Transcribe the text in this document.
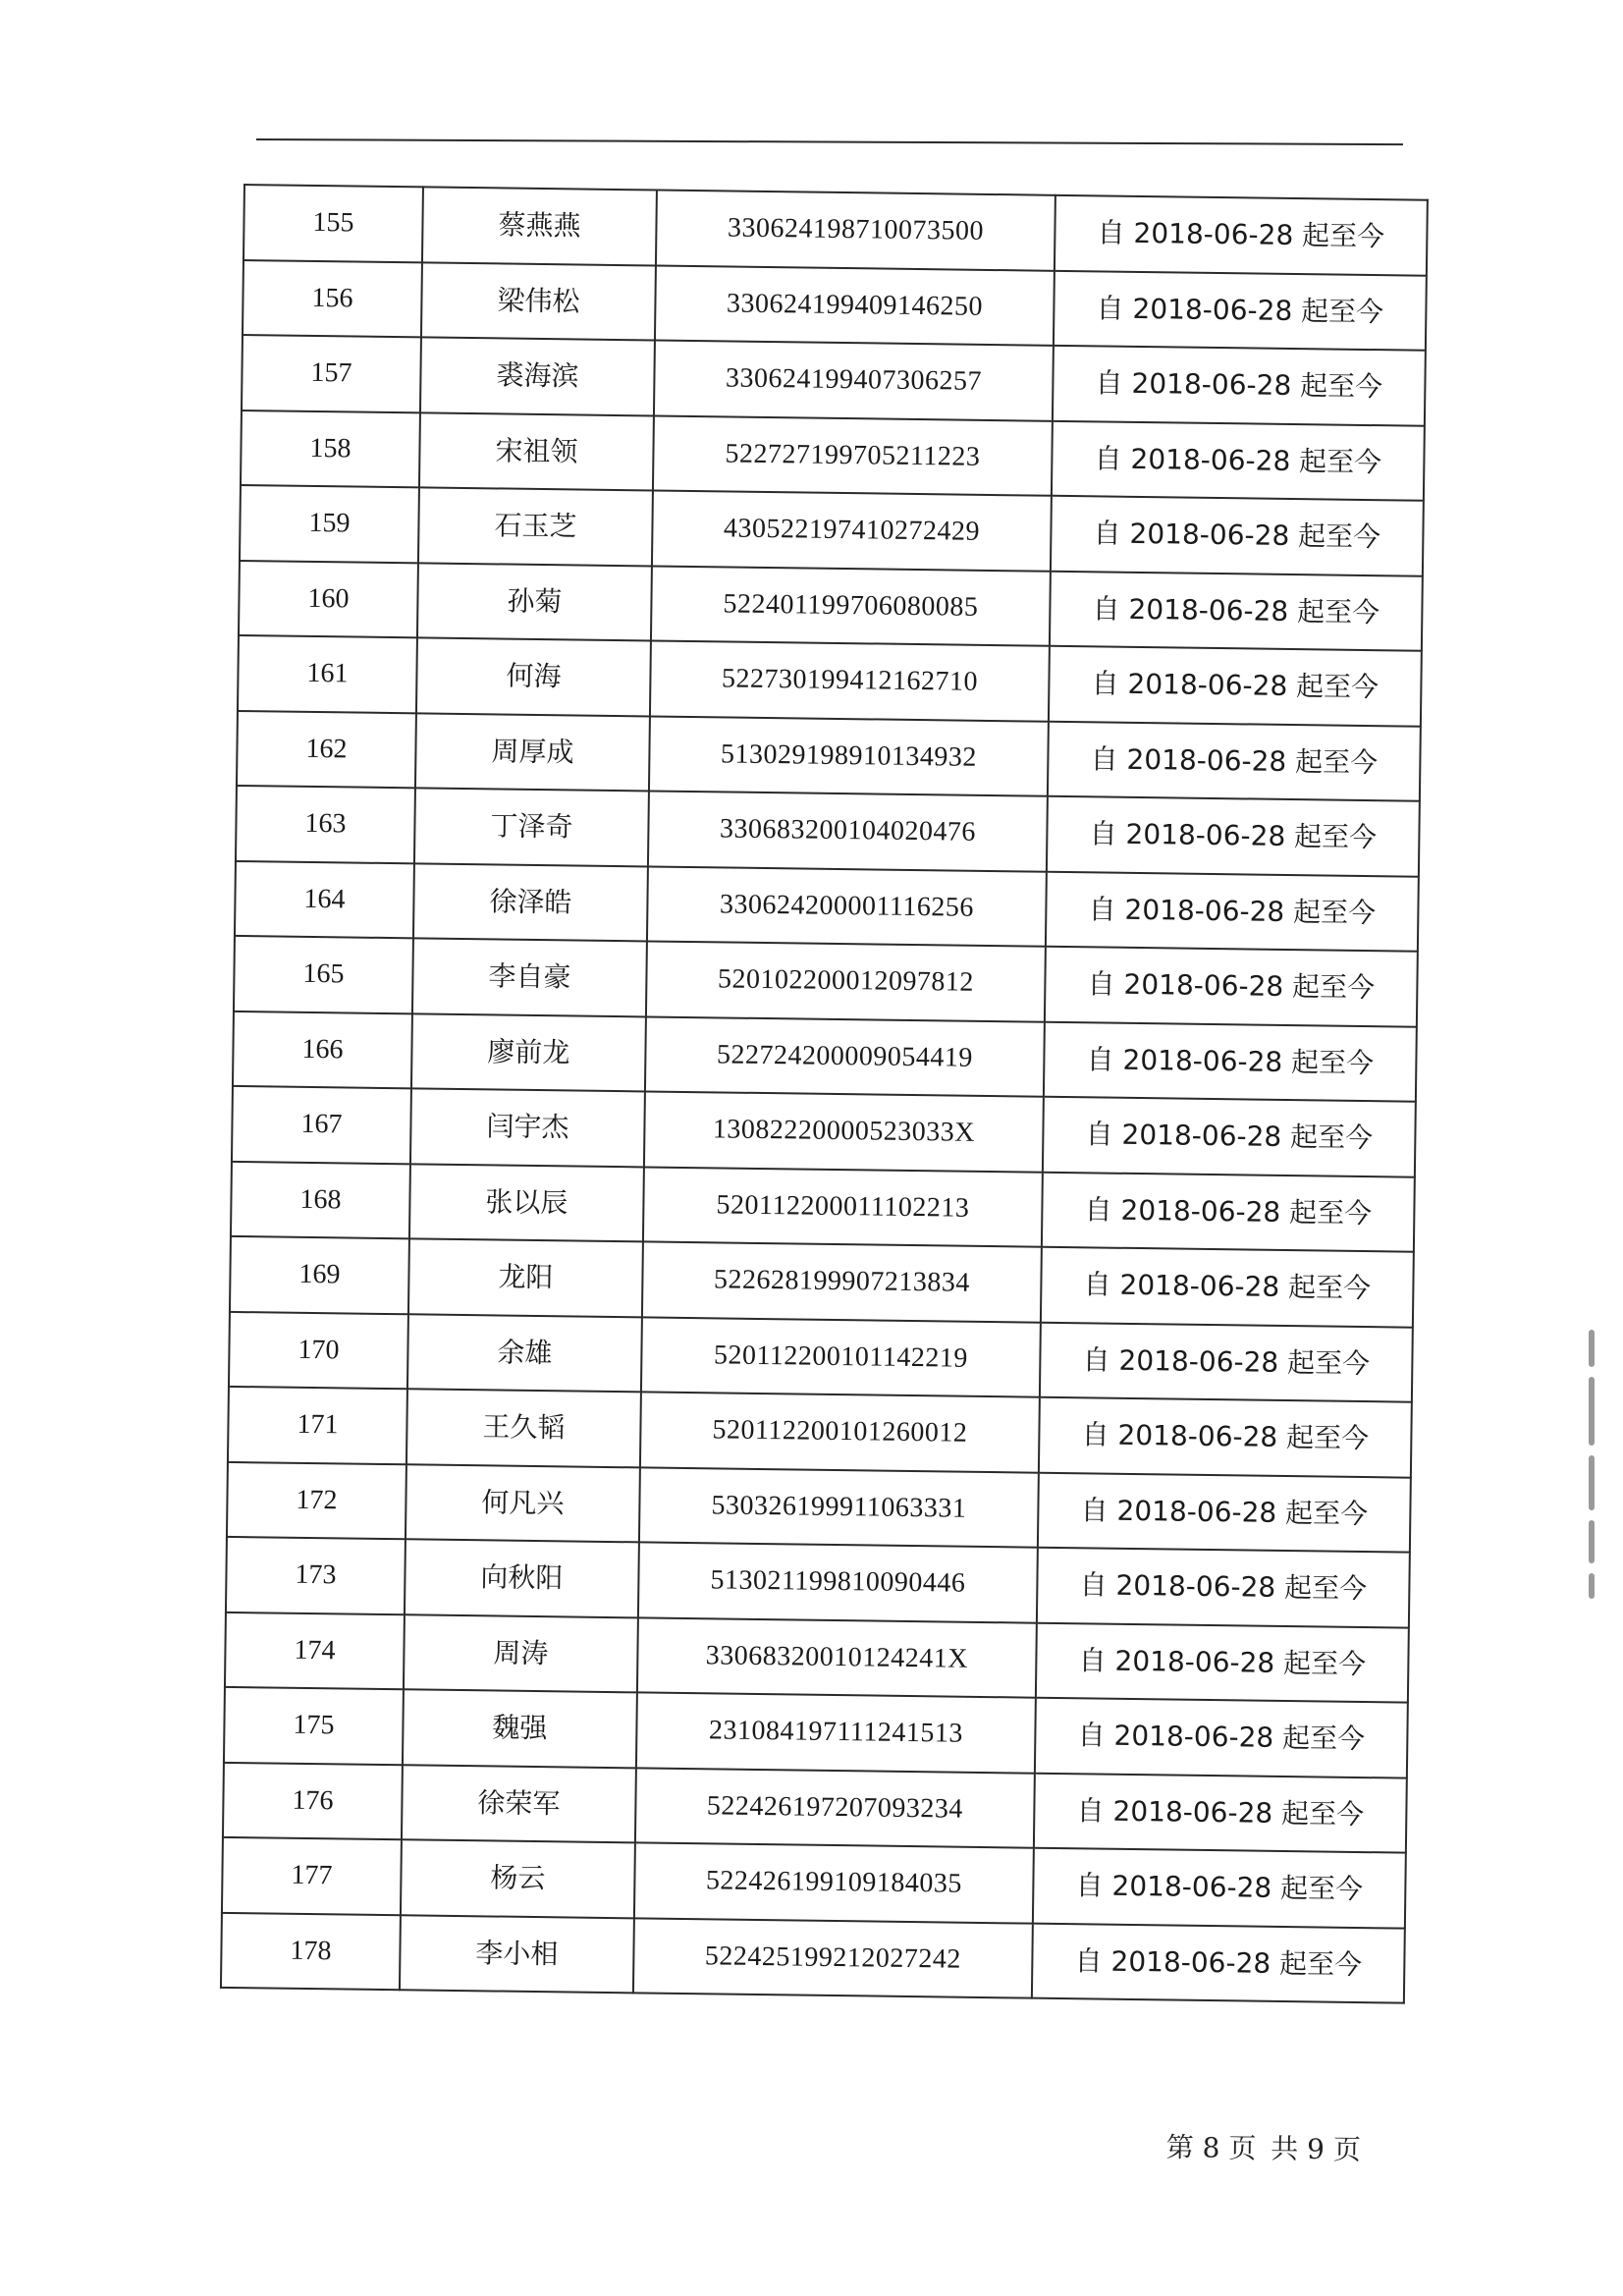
155	蔡燕燕	330624198710073500	自 2018-06-28 起至今
156	梁伟松	330624199409146250	自 2018-06-28 起至今
157	裘海滨	330624199407306257	自 2018-06-28 起至今
158	宋祖领	522727199705211223	自 2018-06-28 起至今
159	石玉芝	430522197410272429	自 2018-06-28 起至今
160	孙菊	522401199706080085	自 2018-06-28 起至今
161	何海	522730199412162710	自 2018-06-28 起至今
162	周厚成	513029198910134932	自 2018-06-28 起至今
163	丁泽奇	330683200104020476	自 2018-06-28 起至今
164	徐泽皓	330624200001116256	自 2018-06-28 起至今
165	李自豪	520102200012097812	自 2018-06-28 起至今
166	廖前龙	522724200009054419	自 2018-06-28 起至今
167	闫宇杰	13082220000523033X	自 2018-06-28 起至今
168	张以辰	520112200011102213	自 2018-06-28 起至今
169	龙阳	522628199907213834	自 2018-06-28 起至今
170	余雄	520112200101142219	自 2018-06-28 起至今
171	王久韬	520112200101260012	自 2018-06-28 起至今
172	何凡兴	530326199911063331	自 2018-06-28 起至今
173	向秋阳	513021199810090446	自 2018-06-28 起至今
174	周涛	33068320010124241X	自 2018-06-28 起至今
175	魏强	231084197111241513	自 2018-06-28 起至今
176	徐荣军	522426197207093234	自 2018-06-28 起至今
177	杨云	522426199109184035	自 2018-06-28 起至今
178	李小相	522425199212027242	自 2018-06-28 起至今
第 8 页 共 9 页
